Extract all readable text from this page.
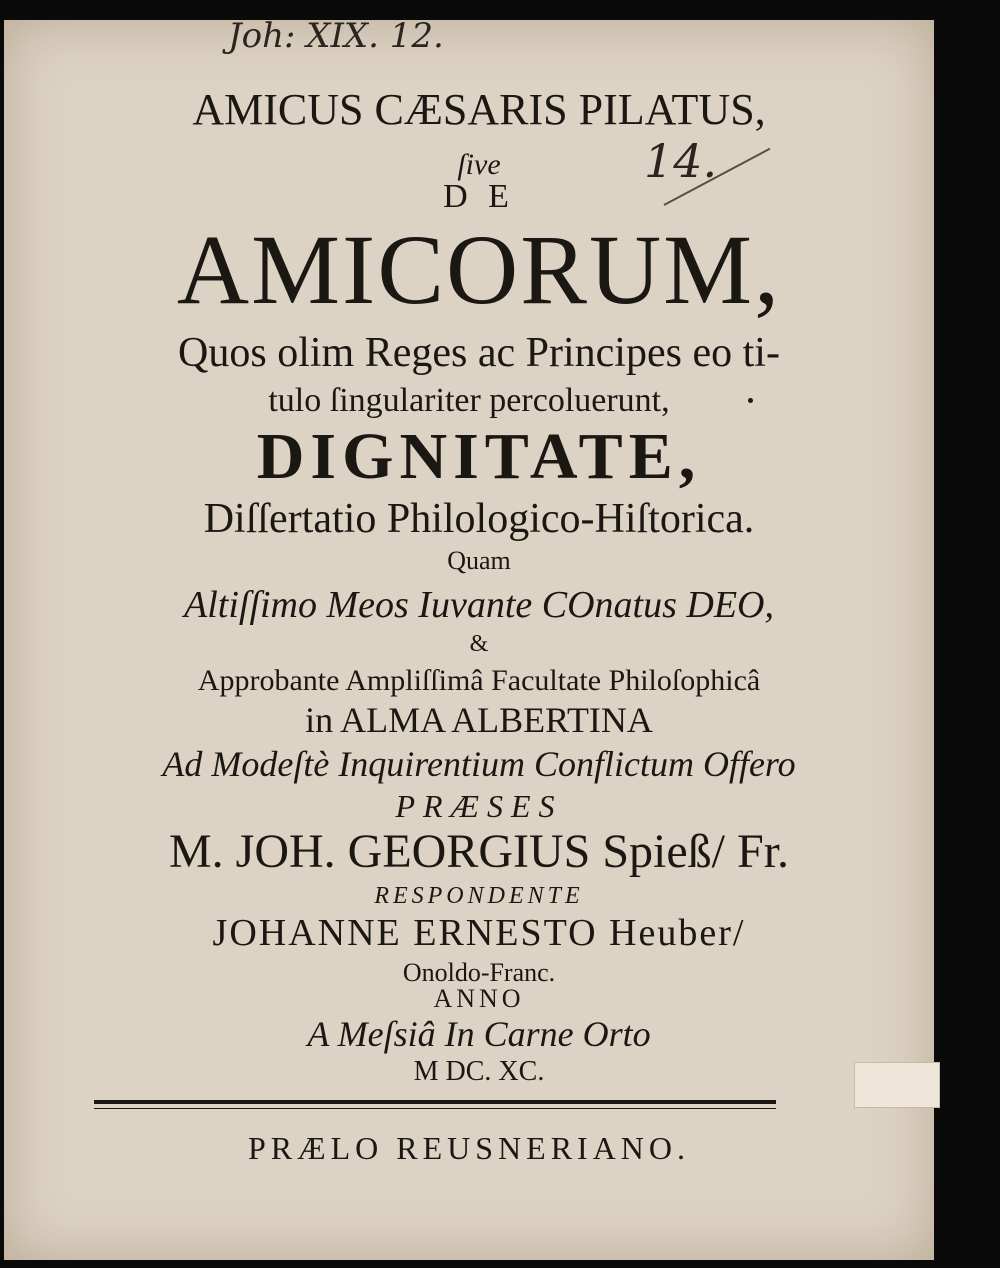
Joh: XIX. 12.
14.
AMICUS CÆSARIS PILATUS,
ſive
D E
AMICORUM,
Quos olim Reges ac Principes eo ti-
tulo ſingulariter percoluerunt,
DIGNITATE,
Diſſertatio Philologico-Hiſtorica.
Quam
Altiſſimo Meos Iuvante COnatus DEO,
&
Approbante Ampliſſimâ Facultate Philoſophicâ
in ALMA ALBERTINA
Ad Modeſtè Inquirentium Conflictum Offero
PRÆSES
M. JOH. GEORGIUS Spieß/ Fr.
RESPONDENTE
JOHANNE ERNESTO Heuber/
Onoldo-Franc.
ANNO
A Meſsiâ In Carne Orto
M DC. XC.
PRÆLO REUSNERIANO.
